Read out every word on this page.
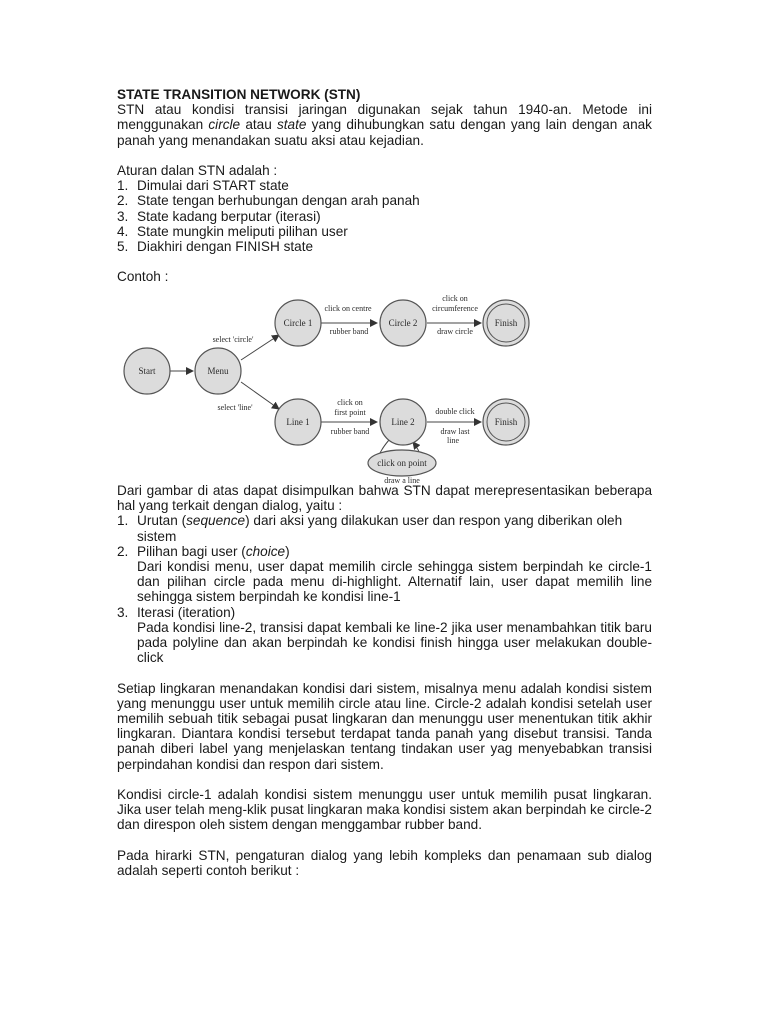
STATE TRANSITION NETWORK (STN)

STN atau kondisi transisi jaringan digunakan sejak tahun 1940-an. Metode ini menggunakan circle atau state yang dihubungkan satu dengan yang lain dengan anak panah yang menandakan suatu aksi atau kejadian.

Aturan dalan STN adalah :

1. Dimulai dari START state
2. State tengan berhubungan dengan arah panah
3. State kadang berputar (iterasi)
4. State mungkin meliputi pilihan user
5. Diakhiri dengan FINISH state

Contoh :

Start	Menu
Circle 1	Circle 2	Finish
Line 1	Line 2	Finish
click on point
select 'circle'
select 'line'
click on centre
rubber band
click on
circumference
draw circle
click on
first point
rubber band
double click
draw last
line
draw a line

Dari gambar di atas dapat disimpulkan bahwa STN dapat merepresentasikan beberapa hal yang terkait dengan dialog, yaitu :

1. Urutan (sequence) dari aksi yang dilakukan user dan respon yang diberikan oleh sistem
2. Pilihan bagi user (choice)

Dari kondisi menu, user dapat memilih circle sehingga sistem berpindah ke circle-1 dan pilihan circle pada menu di-highlight. Alternatif lain, user dapat memilih line sehingga sistem berpindah ke kondisi line-1

3. Iterasi (iteration)

Pada kondisi line-2, transisi dapat kembali ke line-2 jika user menambahkan titik baru pada polyline dan akan berpindah ke kondisi finish hingga user melakukan double-click

Setiap lingkaran menandakan kondisi dari sistem, misalnya menu adalah kondisi sistem yang menunggu user untuk memilih circle atau line. Circle-2 adalah kondisi setelah user memilih sebuah titik sebagai pusat lingkaran dan menunggu user menentukan titik akhir lingkaran. Diantara kondisi tersebut terdapat tanda panah yang disebut transisi. Tanda panah diberi label yang menjelaskan tentang tindakan user yag menyebabkan transisi perpindahan kondisi dan respon dari sistem.

Kondisi circle-1 adalah kondisi sistem menunggu user untuk memilih pusat lingkaran. Jika user telah meng-klik pusat lingkaran maka kondisi sistem akan berpindah ke circle-2 dan direspon oleh sistem dengan menggambar rubber band.

Pada hirarki STN, pengaturan dialog yang lebih kompleks dan penamaan sub dialog adalah seperti contoh berikut :
